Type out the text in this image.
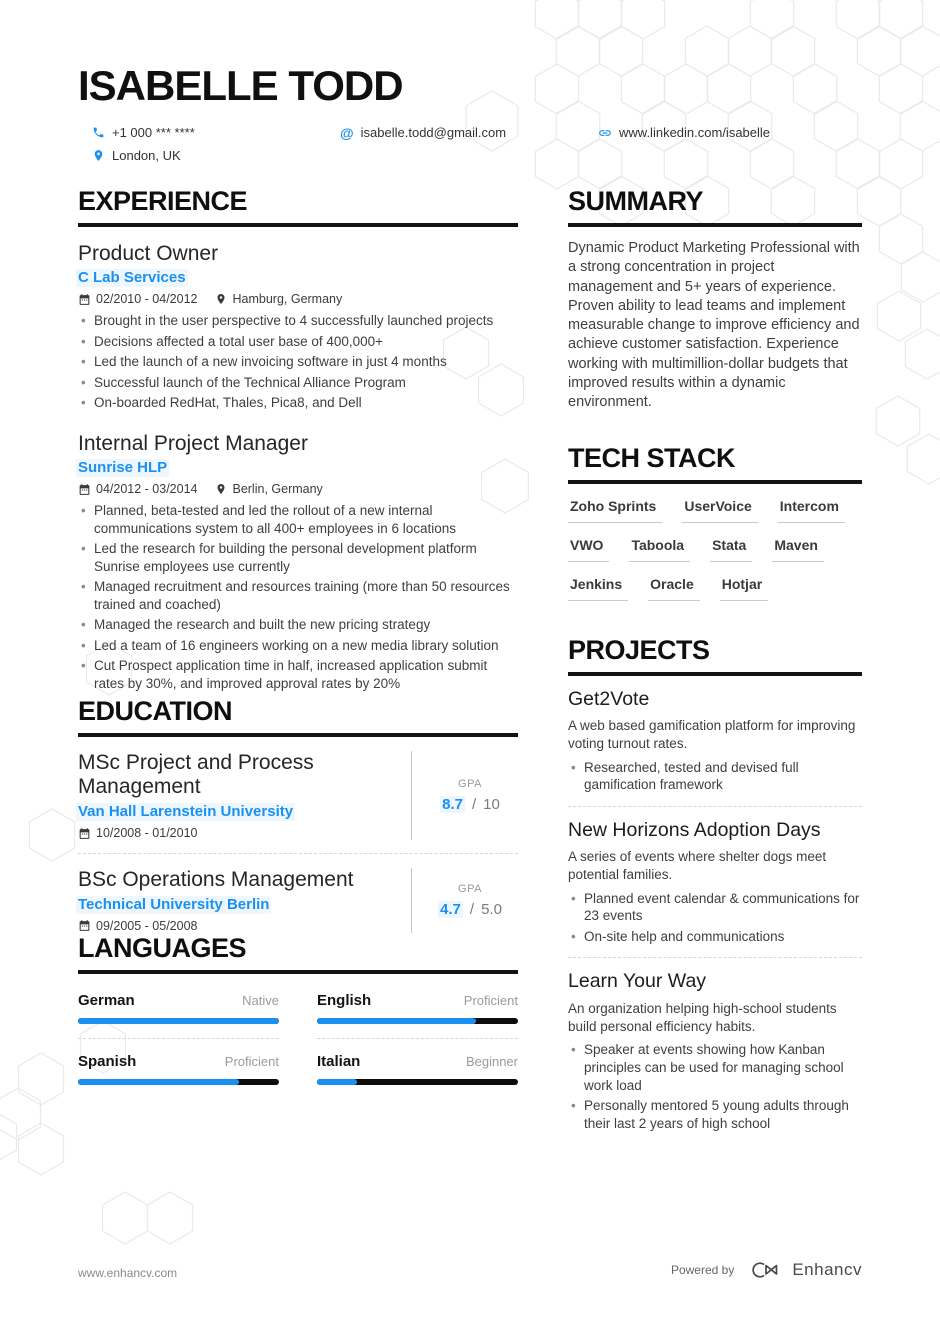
ISABELLE TODD
+1 000 *** ****
London, UK
@ isabelle.todd@gmail.com	www.linkedin.com/isabelle
EXPERIENCE

Product Owner

C Lab Services
02/2010 - 04/2012	Hamburg, Germany
• Brought in the user perspective to 4 successfully launched projects
• Decisions affected a total user base of 400,000+
• Led the launch of a new invoicing software in just 4 months
• Successful launch of the Technical Alliance Program
• On-boarded RedHat, Thales, Pica8, and Dell

Internal Project Manager

Sunrise HLP
04/2012 - 03/2014	Berlin, Germany
• Planned, beta-tested and led the rollout of a new internal communications system to all 400+ employees in 6 locations
• Led the research for building the personal development platform Sunrise employees use currently
• Managed recruitment and resources training (more than 50 resources trained and coached)
• Managed the research and built the new pricing strategy
• Led a team of 16 engineers working on a new media library solution
• Cut Prospect application time in half, increased application submit rates by 30%, and improved approval rates by 20%
EDUCATION

MSc Project and Process Management

Van Hall Larenstein University
10/2008 - 01/2010
GPA
8.7 / 10

BSc Operations Management

Technical University Berlin
09/2005 - 05/2008
GPA
4.7 / 5.0
LANGUAGES
German	Native	English	Proficient
Spanish	Proficient	Italian	Beginner
SUMMARY

Dynamic Product Marketing Professional with a strong concentration in project management and 5+ years of experience. Proven ability to lead teams and implement measurable change to improve efficiency and achieve customer satisfaction. Experience working with multimillion-dollar budgets that improved results within a dynamic environment.

TECH STACK
Zoho Sprints	UserVoice	Intercom
VWO	Taboola	Stata	Maven
Jenkins	Oracle	Hotjar
PROJECTS

Get2Vote

A web based gamification platform for improving voting turnout rates.

• Researched, tested and devised full gamification framework

New Horizons Adoption Days

A series of events where shelter dogs meet potential families.

• Planned event calendar & communications for 23 events
• On-site help and communications

Learn Your Way

An organization helping high-school students build personal efficiency habits.

• Speaker at events showing how Kanban principles can be used for managing school work load
• Personally mentored 5 young adults through their last 2 years of high school
www.enhancv.com	Powered by	Enhancv
